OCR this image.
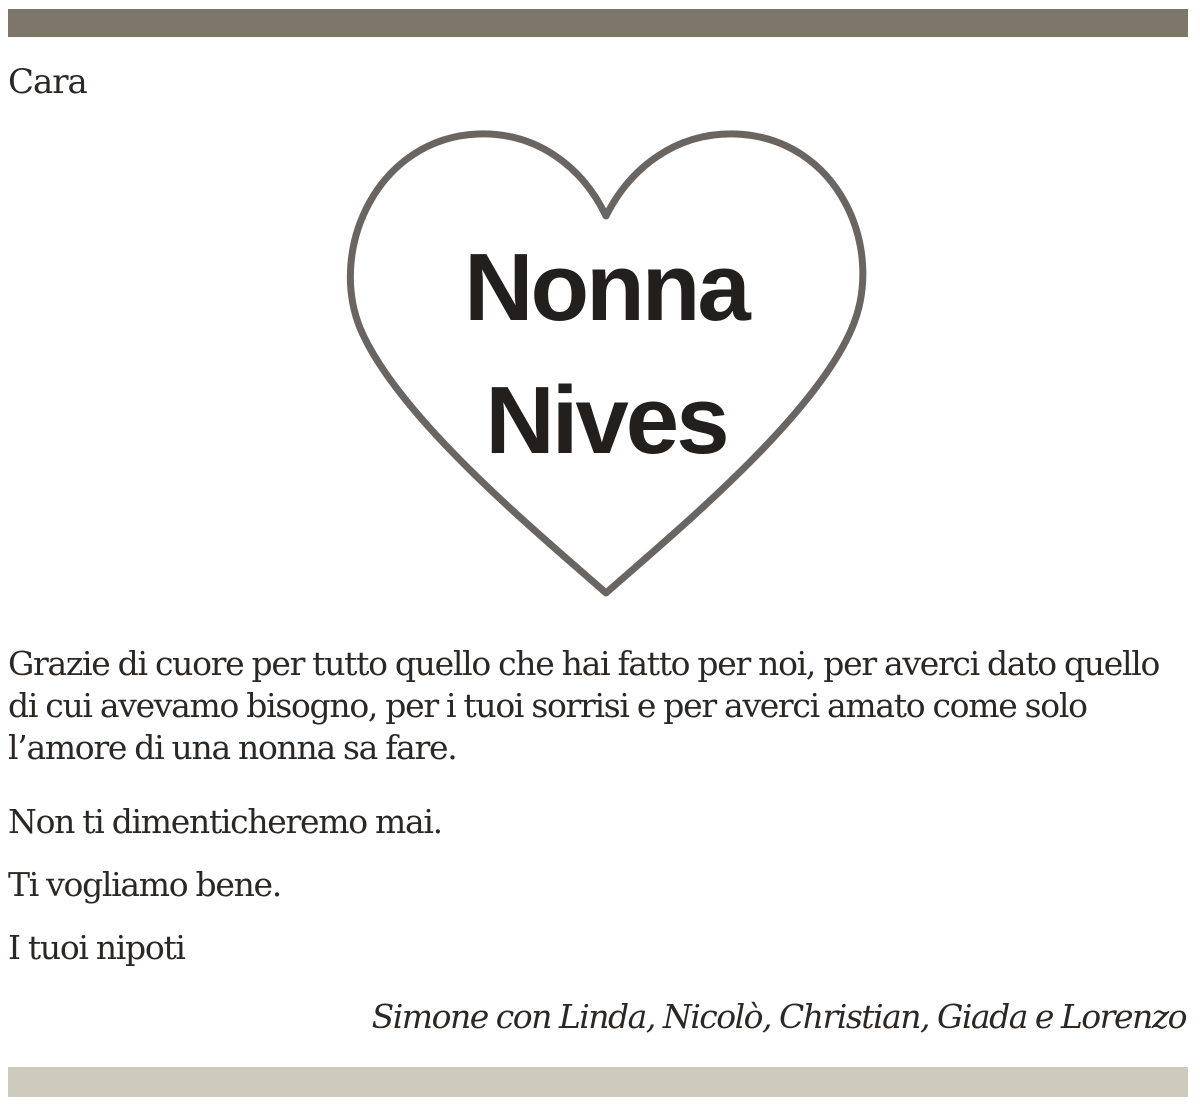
Cara

Nonna

Nives

Grazie di cuore per tutto quello che hai fatto per noi, per averci dato quello di cui avevamo bisogno, per i tuoi sorrisi e per averci amato come solo l’amore di una nonna sa fare.

Non ti dimenticheremo mai.

Ti vogliamo bene.

I tuoi nipoti

Simone con Linda, Nicolò, Christian, Giada e Lorenzo
